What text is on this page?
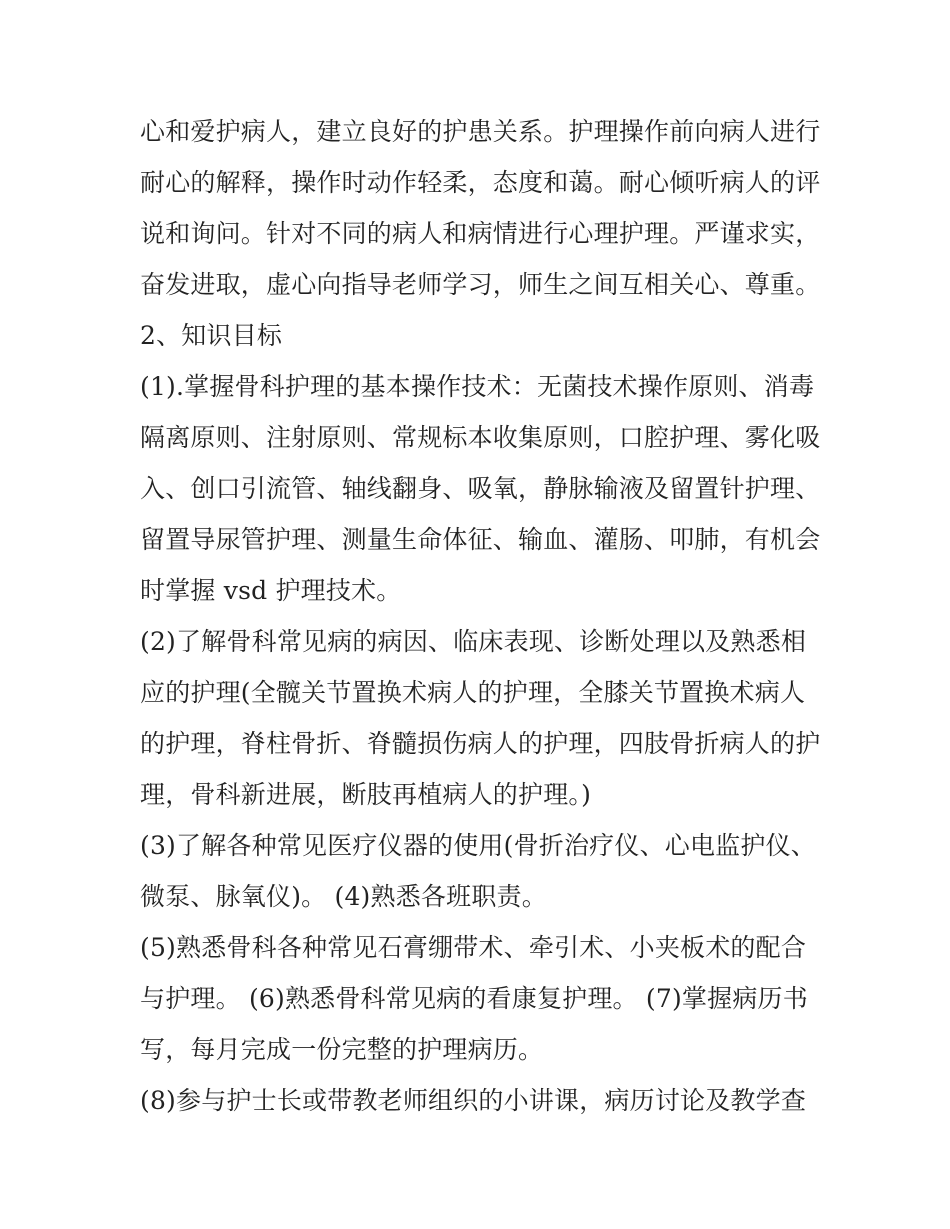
心和爱护病人，建立良好的护患关系。护理操作前向病人进行
耐心的解释，操作时动作轻柔，态度和蔼。耐心倾听病人的评
说和询问。针对不同的病人和病情进行心理护理。严谨求实，
奋发进取，虚心向指导老师学习，师生之间互相关心、尊重。
2、知识目标
(1).掌握骨科护理的基本操作技术：无菌技术操作原则、消毒
隔离原则、注射原则、常规标本收集原则，口腔护理、雾化吸
入、创口引流管、轴线翻身、吸氧，静脉输液及留置针护理、
留置导尿管护理、测量生命体征、输血、灌肠、叩肺，有机会
时掌握 vsd 护理技术。
(2)了解骨科常见病的病因、临床表现、诊断处理以及熟悉相
应的护理(全髋关节置换术病人的护理，全膝关节置换术病人
的护理，脊柱骨折、脊髓损伤病人的护理，四肢骨折病人的护
理，骨科新进展，断肢再植病人的护理。)
(3)了解各种常见医疗仪器的使用(骨折治疗仪、心电监护仪、
微泵、脉氧仪)。 (4)熟悉各班职责。
(5)熟悉骨科各种常见石膏绷带术、牵引术、小夹板术的配合
与护理。 (6)熟悉骨科常见病的看康复护理。 (7)掌握病历书
写，每月完成一份完整的护理病历。
(8)参与护士长或带教老师组织的小讲课，病历讨论及教学查
